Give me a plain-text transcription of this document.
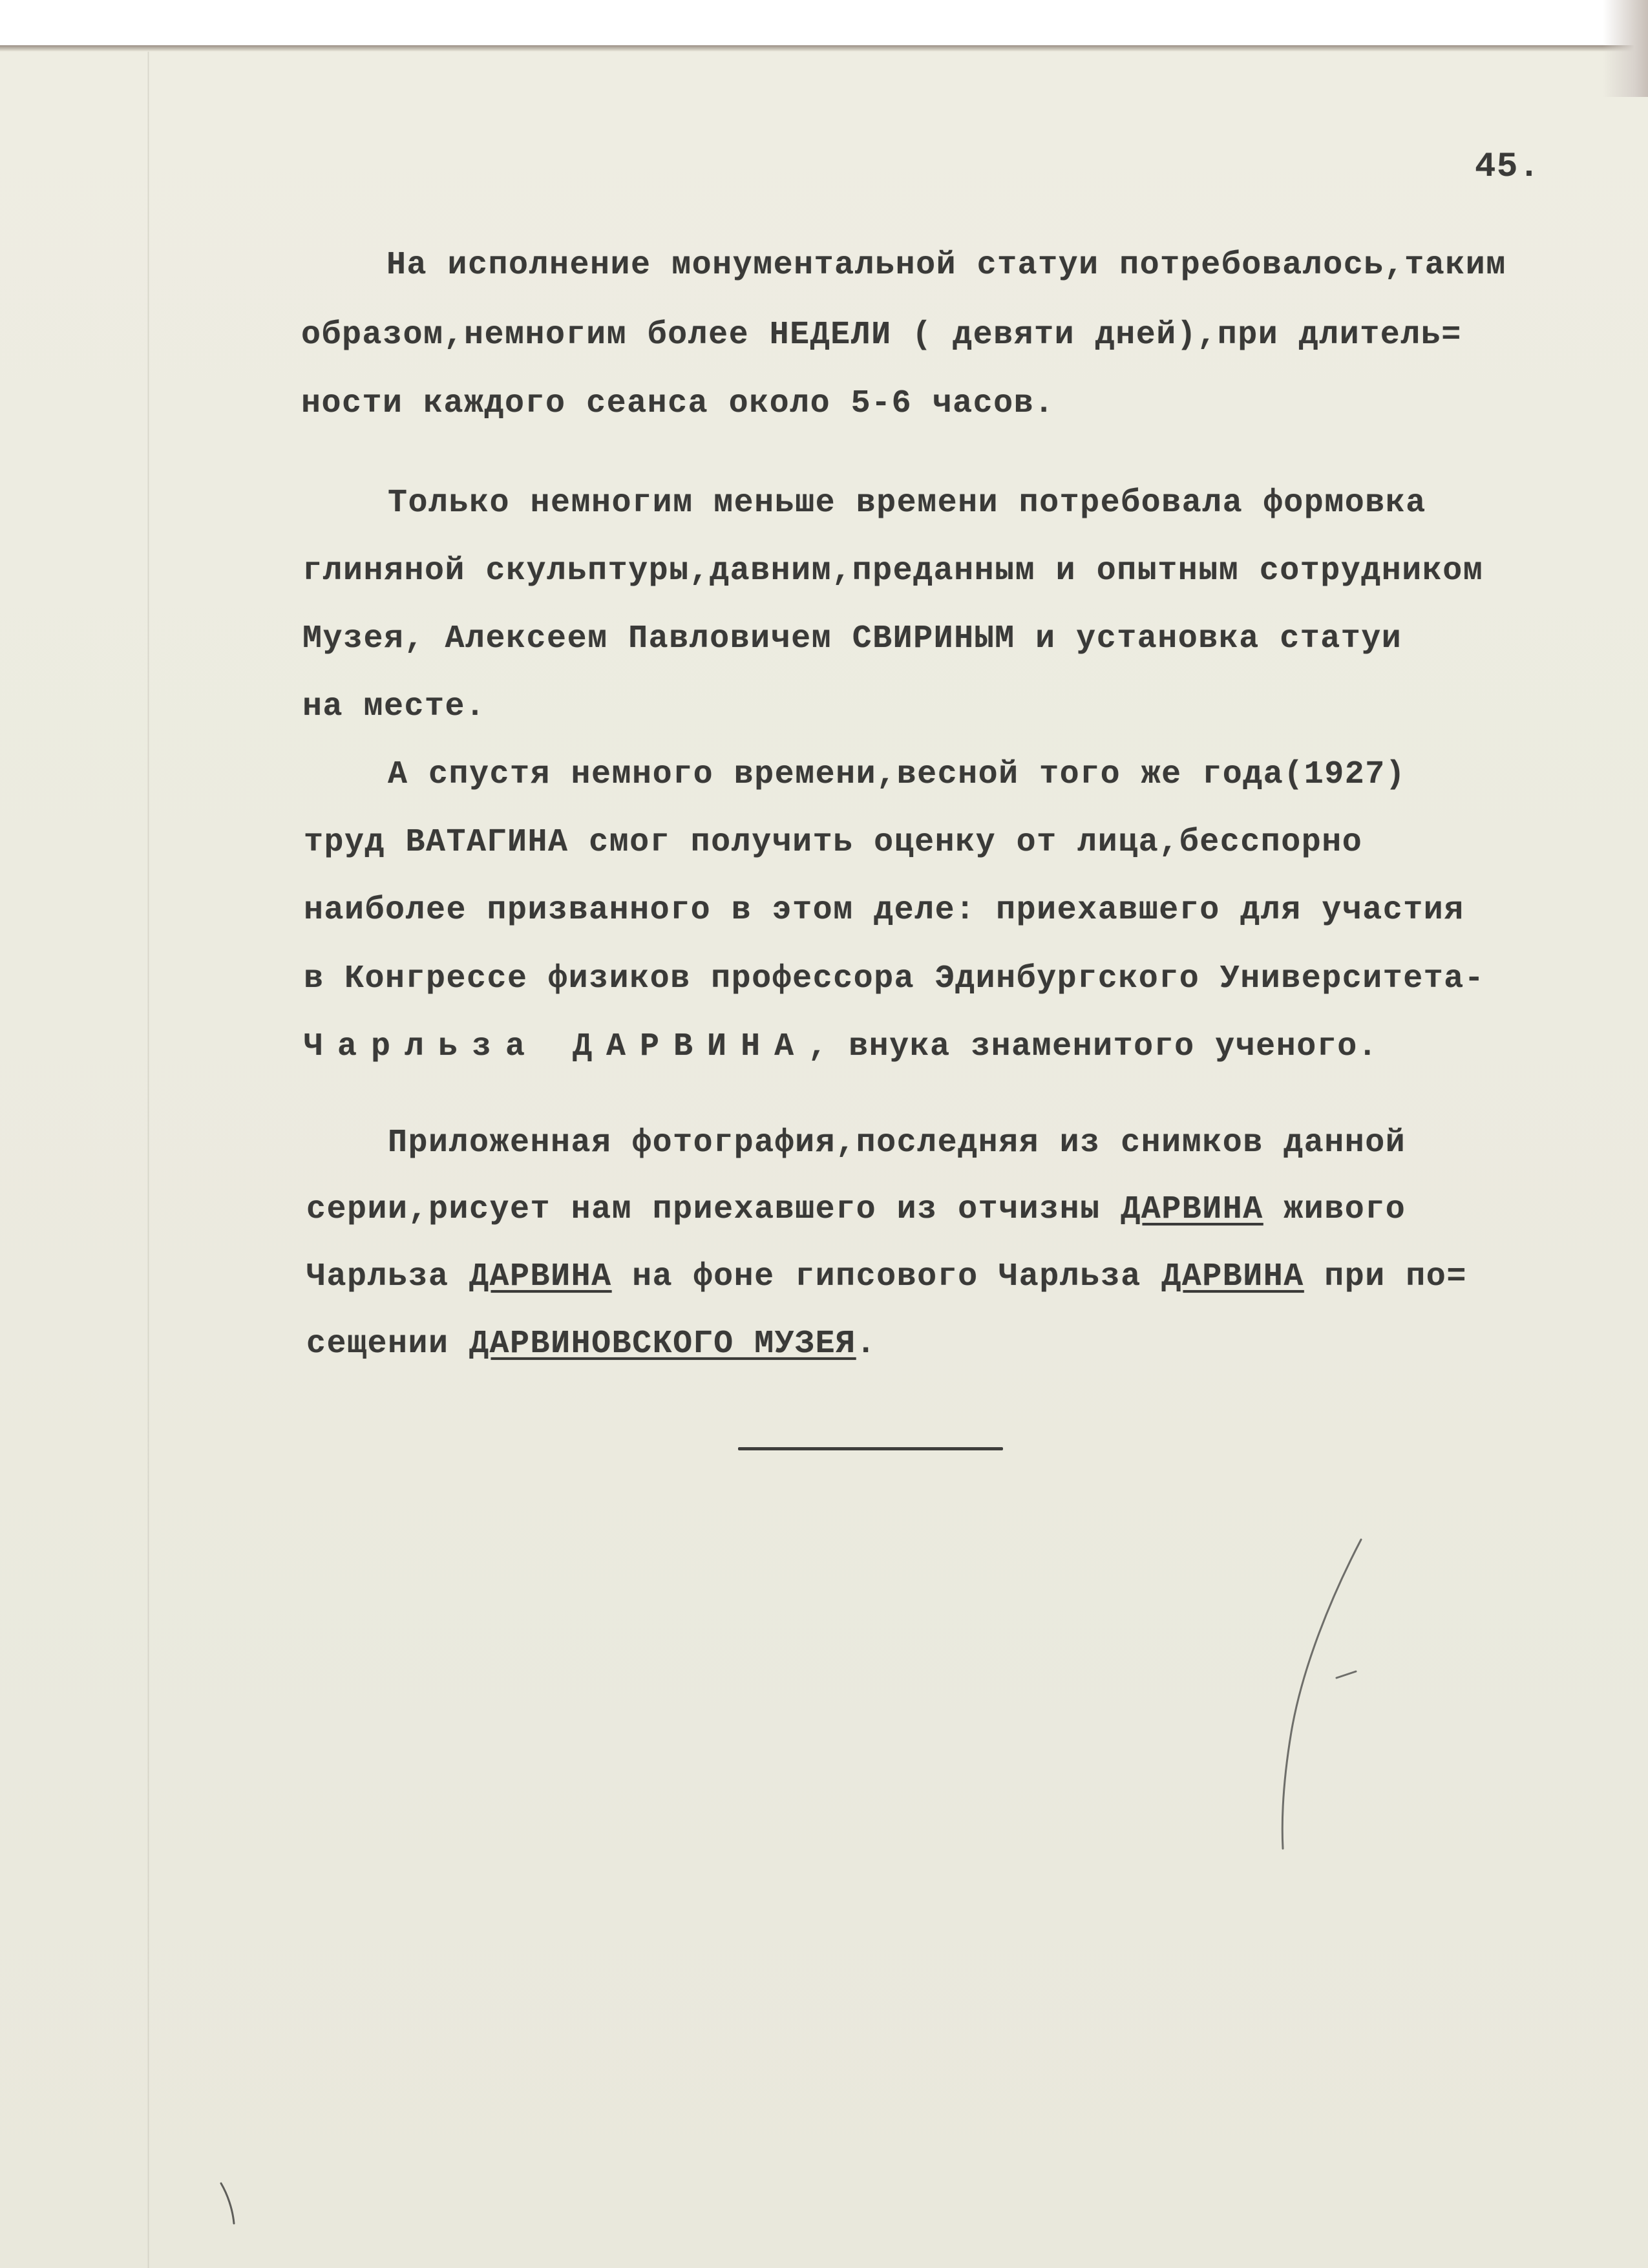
45.

На исполнение монументальной статуи потребовалось,таким

образом,немногим более НЕДЕЛИ ( девяти дней),при длитель=

ности каждого сеанса около 5-6 часов.

Только немногим меньше времени потребовала формовка

глиняной скульптуры,давним,преданным и опытным сотрудником

Музея, Алексеем Павловичем СВИРИНЫМ и установка статуи

на месте.

А спустя немного времени,весной того же года(1927)

труд ВАТАГИНА смог получить оценку от лица,бесспорно

наиболее призванного в этом деле: приехавшего для участия

в Конгрессе физиков профессора Эдинбургского Университета-

Чарльза ДАРВИНА, внука знаменитого ученого.

Приложенная фотография,последняя из снимков данной

серии,рисует нам приехавшего из отчизны ДАРВИНА живого

Чарльза ДАРВИНА на фоне гипсового Чарльза ДАРВИНА при по=

сещении ДАРВИНОВСКОГО МУЗЕЯ.
